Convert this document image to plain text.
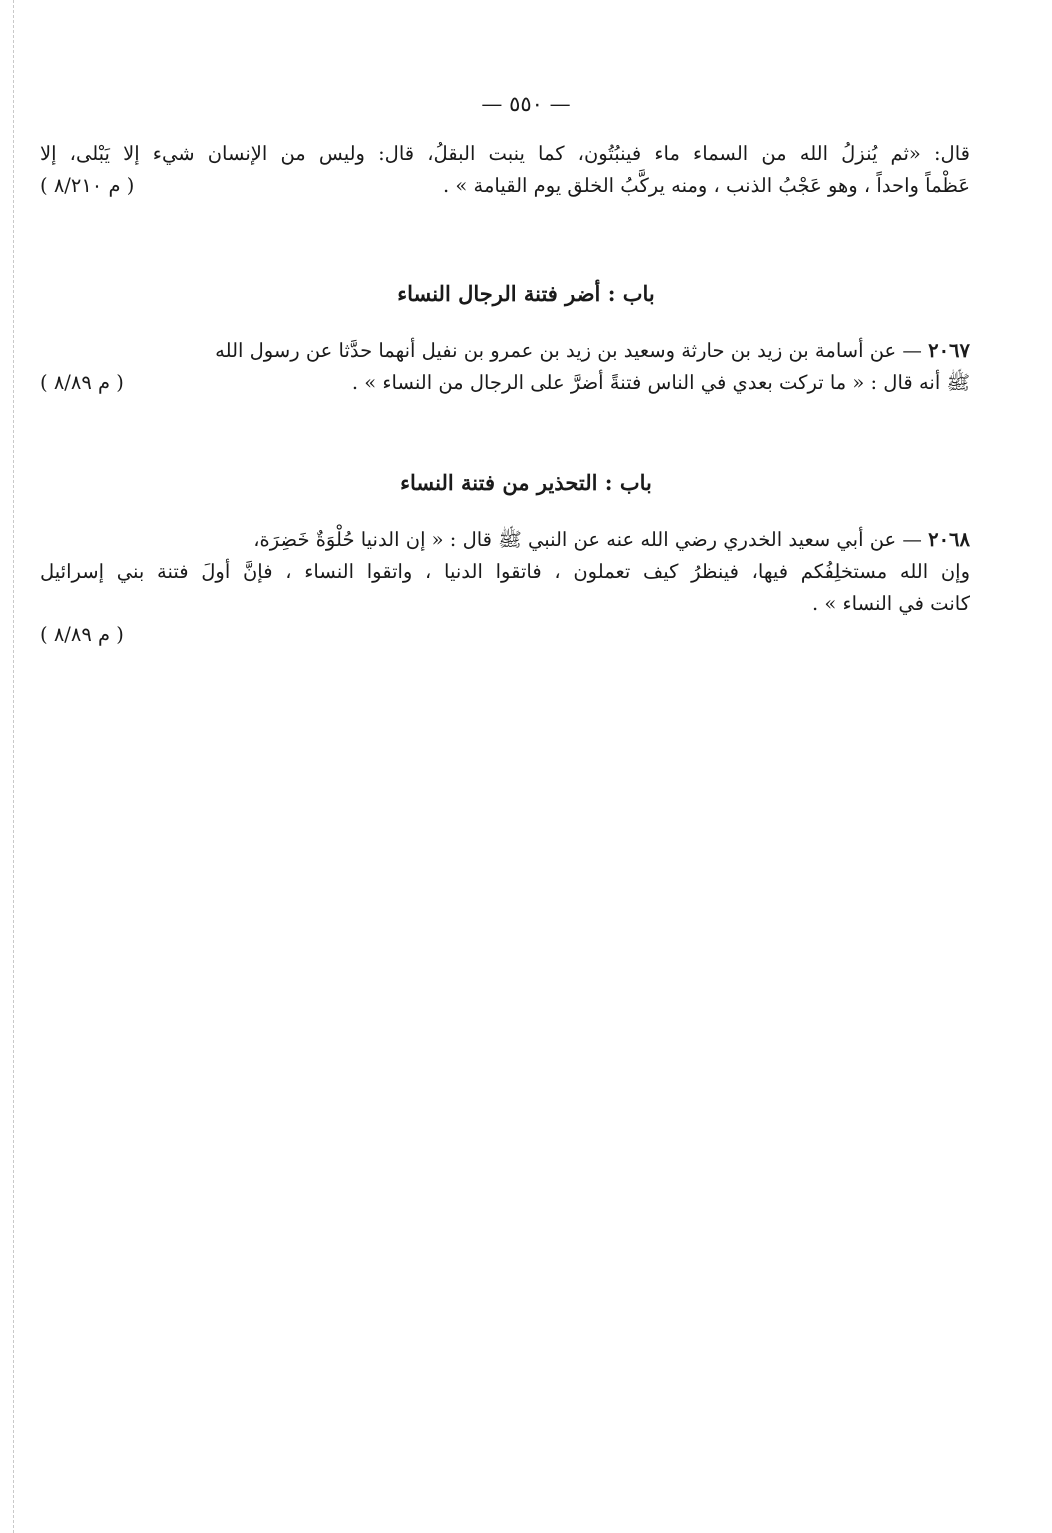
— ٥٥٠ —
قال: «ثم يُنزلُ الله من السماء ماء فينبُتُون، كما ينبت البقلُ، قال: وليس من الإنسان شيء إلا يَبْلى، إلا
عَظْماً واحداً ، وهو عَجْبُ الذنب ، ومنه يركَّبُ الخلق يوم القيامة » .
( م ٨/٢١٠ )
باب : أضر فتنة الرجال النساء
٢٠٦٧ — عن أسامة بن زيد بن حارثة وسعيد بن زيد بن عمرو بن نفيل أنهما حدَّثا عن رسول الله
ﷺ أنه قال : « ما تركت بعدي في الناس فتنةً أضرَّ على الرجال من النساء » .
( م ٨/٨٩ )
باب : التحذير من فتنة النساء
٢٠٦٨ — عن أبي سعيد الخدري رضي الله عنه عن النبي ﷺ قال : « إن الدنيا حُلْوَةٌ خَضِرَة،
وإن الله مستخلِفُكم فيها، فينظرُ كيف تعملون ، فاتقوا الدنيا ، واتقوا النساء ، فإنَّ أولَ فتنة بني إسرائيل
كانت في النساء » .
( م ٨/٨٩ )
